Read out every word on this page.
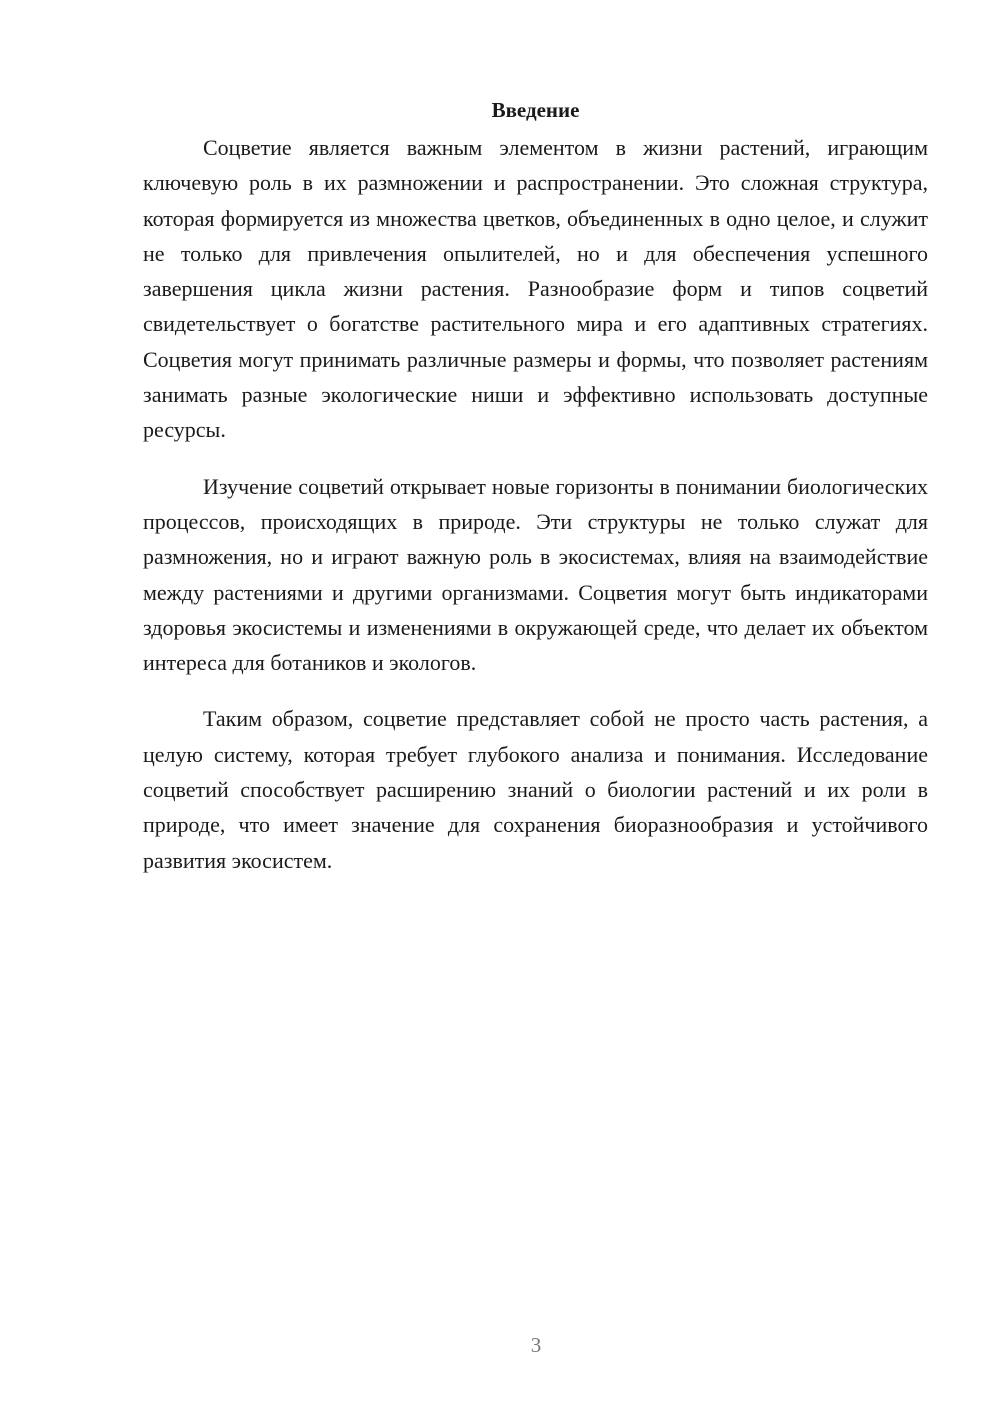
Введение

Соцветие является важным элементом в жизни растений, играющим ключевую роль в их размножении и распространении. Это сложная структура, которая формируется из множества цветков, объединенных в одно целое, и служит не только для привлечения опылителей, но и для обеспечения успешного завершения цикла жизни растения. Разнообразие форм и типов соцветий свидетельствует о богатстве растительного мира и его адаптивных стратегиях. Соцветия могут принимать различные размеры и формы, что позволяет растениям занимать разные экологические ниши и эффективно использовать доступные ресурсы.

Изучение соцветий открывает новые горизонты в понимании биологических процессов, происходящих в природе. Эти структуры не только служат для размножения, но и играют важную роль в экосистемах, влияя на взаимодействие между растениями и другими организмами. Соцветия могут быть индикаторами здоровья экосистемы и изменениями в окружающей среде, что делает их объектом интереса для ботаников и экологов.

Таким образом, соцветие представляет собой не просто часть растения, а целую систему, которая требует глубокого анализа и понимания. Исследование соцветий способствует расширению знаний о биологии растений и их роли в природе, что имеет значение для сохранения биоразнообразия и устойчивого развития экосистем.

3
